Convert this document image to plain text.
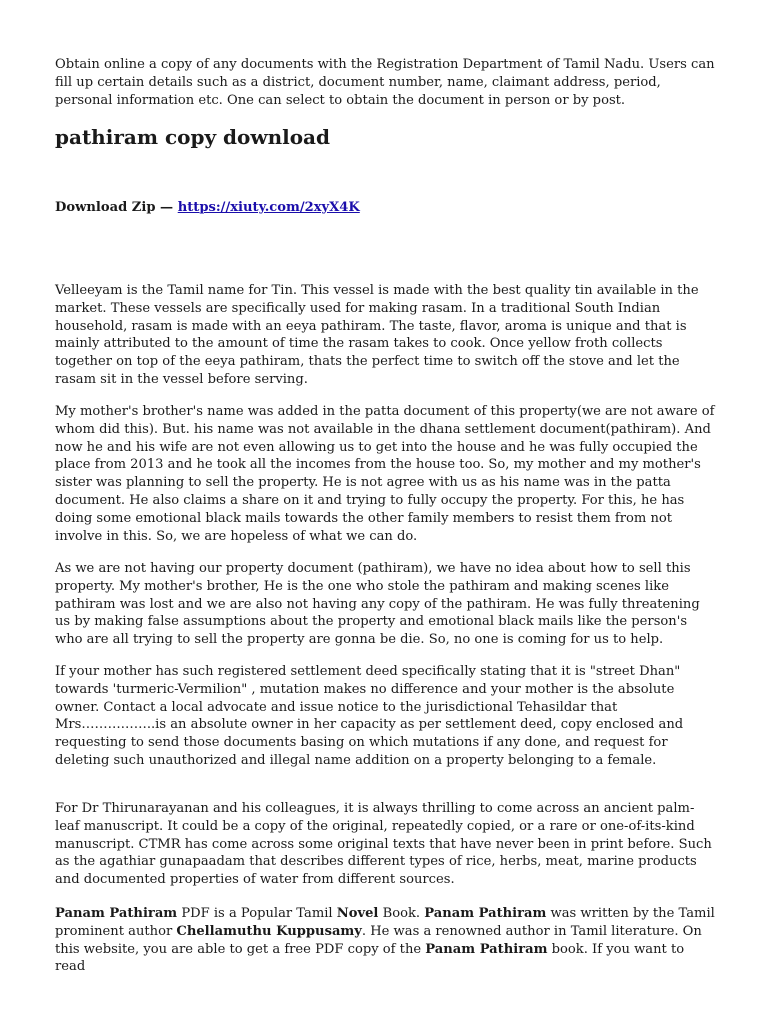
Obtain online a copy of any documents with the Registration Department of Tamil Nadu. Users can fill up certain details such as a district, document number, name, claimant address, period, personal information etc. One can select to obtain the document in person or by post.

pathiram copy download
Download Zip — https://xiuty.com/2xyX4K

Velleeyam is the Tamil name for Tin. This vessel is made with the best quality tin available in the market. These vessels are specifically used for making rasam. In a traditional South Indian household, rasam is made with an eeya pathiram. The taste, flavor, aroma is unique and that is mainly attributed to the amount of time the rasam takes to cook. Once yellow froth collects together on top of the eeya pathiram, thats the perfect time to switch off the stove and let the rasam sit in the vessel before serving.

My mother's brother's name was added in the patta document of this property(we are not aware of whom did this). But. his name was not available in the dhana settlement document(pathiram). And now he and his wife are not even allowing us to get into the house and he was fully occupied the place from 2013 and he took all the incomes from the house too. So, my mother and my mother's sister was planning to sell the property. He is not agree with us as his name was in the patta document. He also claims a share on it and trying to fully occupy the property. For this, he has doing some emotional black mails towards the other family members to resist them from not involve in this. So, we are hopeless of what we can do.

As we are not having our property document (pathiram), we have no idea about how to sell this property. My mother's brother, He is the one who stole the pathiram and making scenes like pathiram was lost and we are also not having any copy of the pathiram. He was fully threatening us by making false assumptions about the property and emotional black mails like the person's who are all trying to sell the property are gonna be die. So, no one is coming for us to help.

If your mother has such registered settlement deed specifically stating that it is "street Dhan" towards 'turmeric-Vermilion" , mutation makes no difference and your mother is the absolute owner. Contact a local advocate and issue notice to the jurisdictional Tehasildar that Mrs……………..is an absolute owner in her capacity as per settlement deed, copy enclosed and requesting to send those documents basing on which mutations if any done, and request for deleting such unauthorized and illegal name addition on a property belonging to a female.

For Dr Thirunarayanan and his colleagues, it is always thrilling to come across an ancient palm-leaf manuscript. It could be a copy of the original, repeatedly copied, or a rare or one-of-its-kind manuscript. CTMR has come across some original texts that have never been in print before. Such as the agathiar gunapaadam that describes different types of rice, herbs, meat, marine products and documented properties of water from different sources.

Panam Pathiram PDF is a Popular Tamil Novel Book. Panam Pathiram was written by the Tamil prominent author Chellamuthu Kuppusamy. He was a renowned author in Tamil literature. On this website, you are able to get a free PDF copy of the Panam Pathiram book. If you want to read
